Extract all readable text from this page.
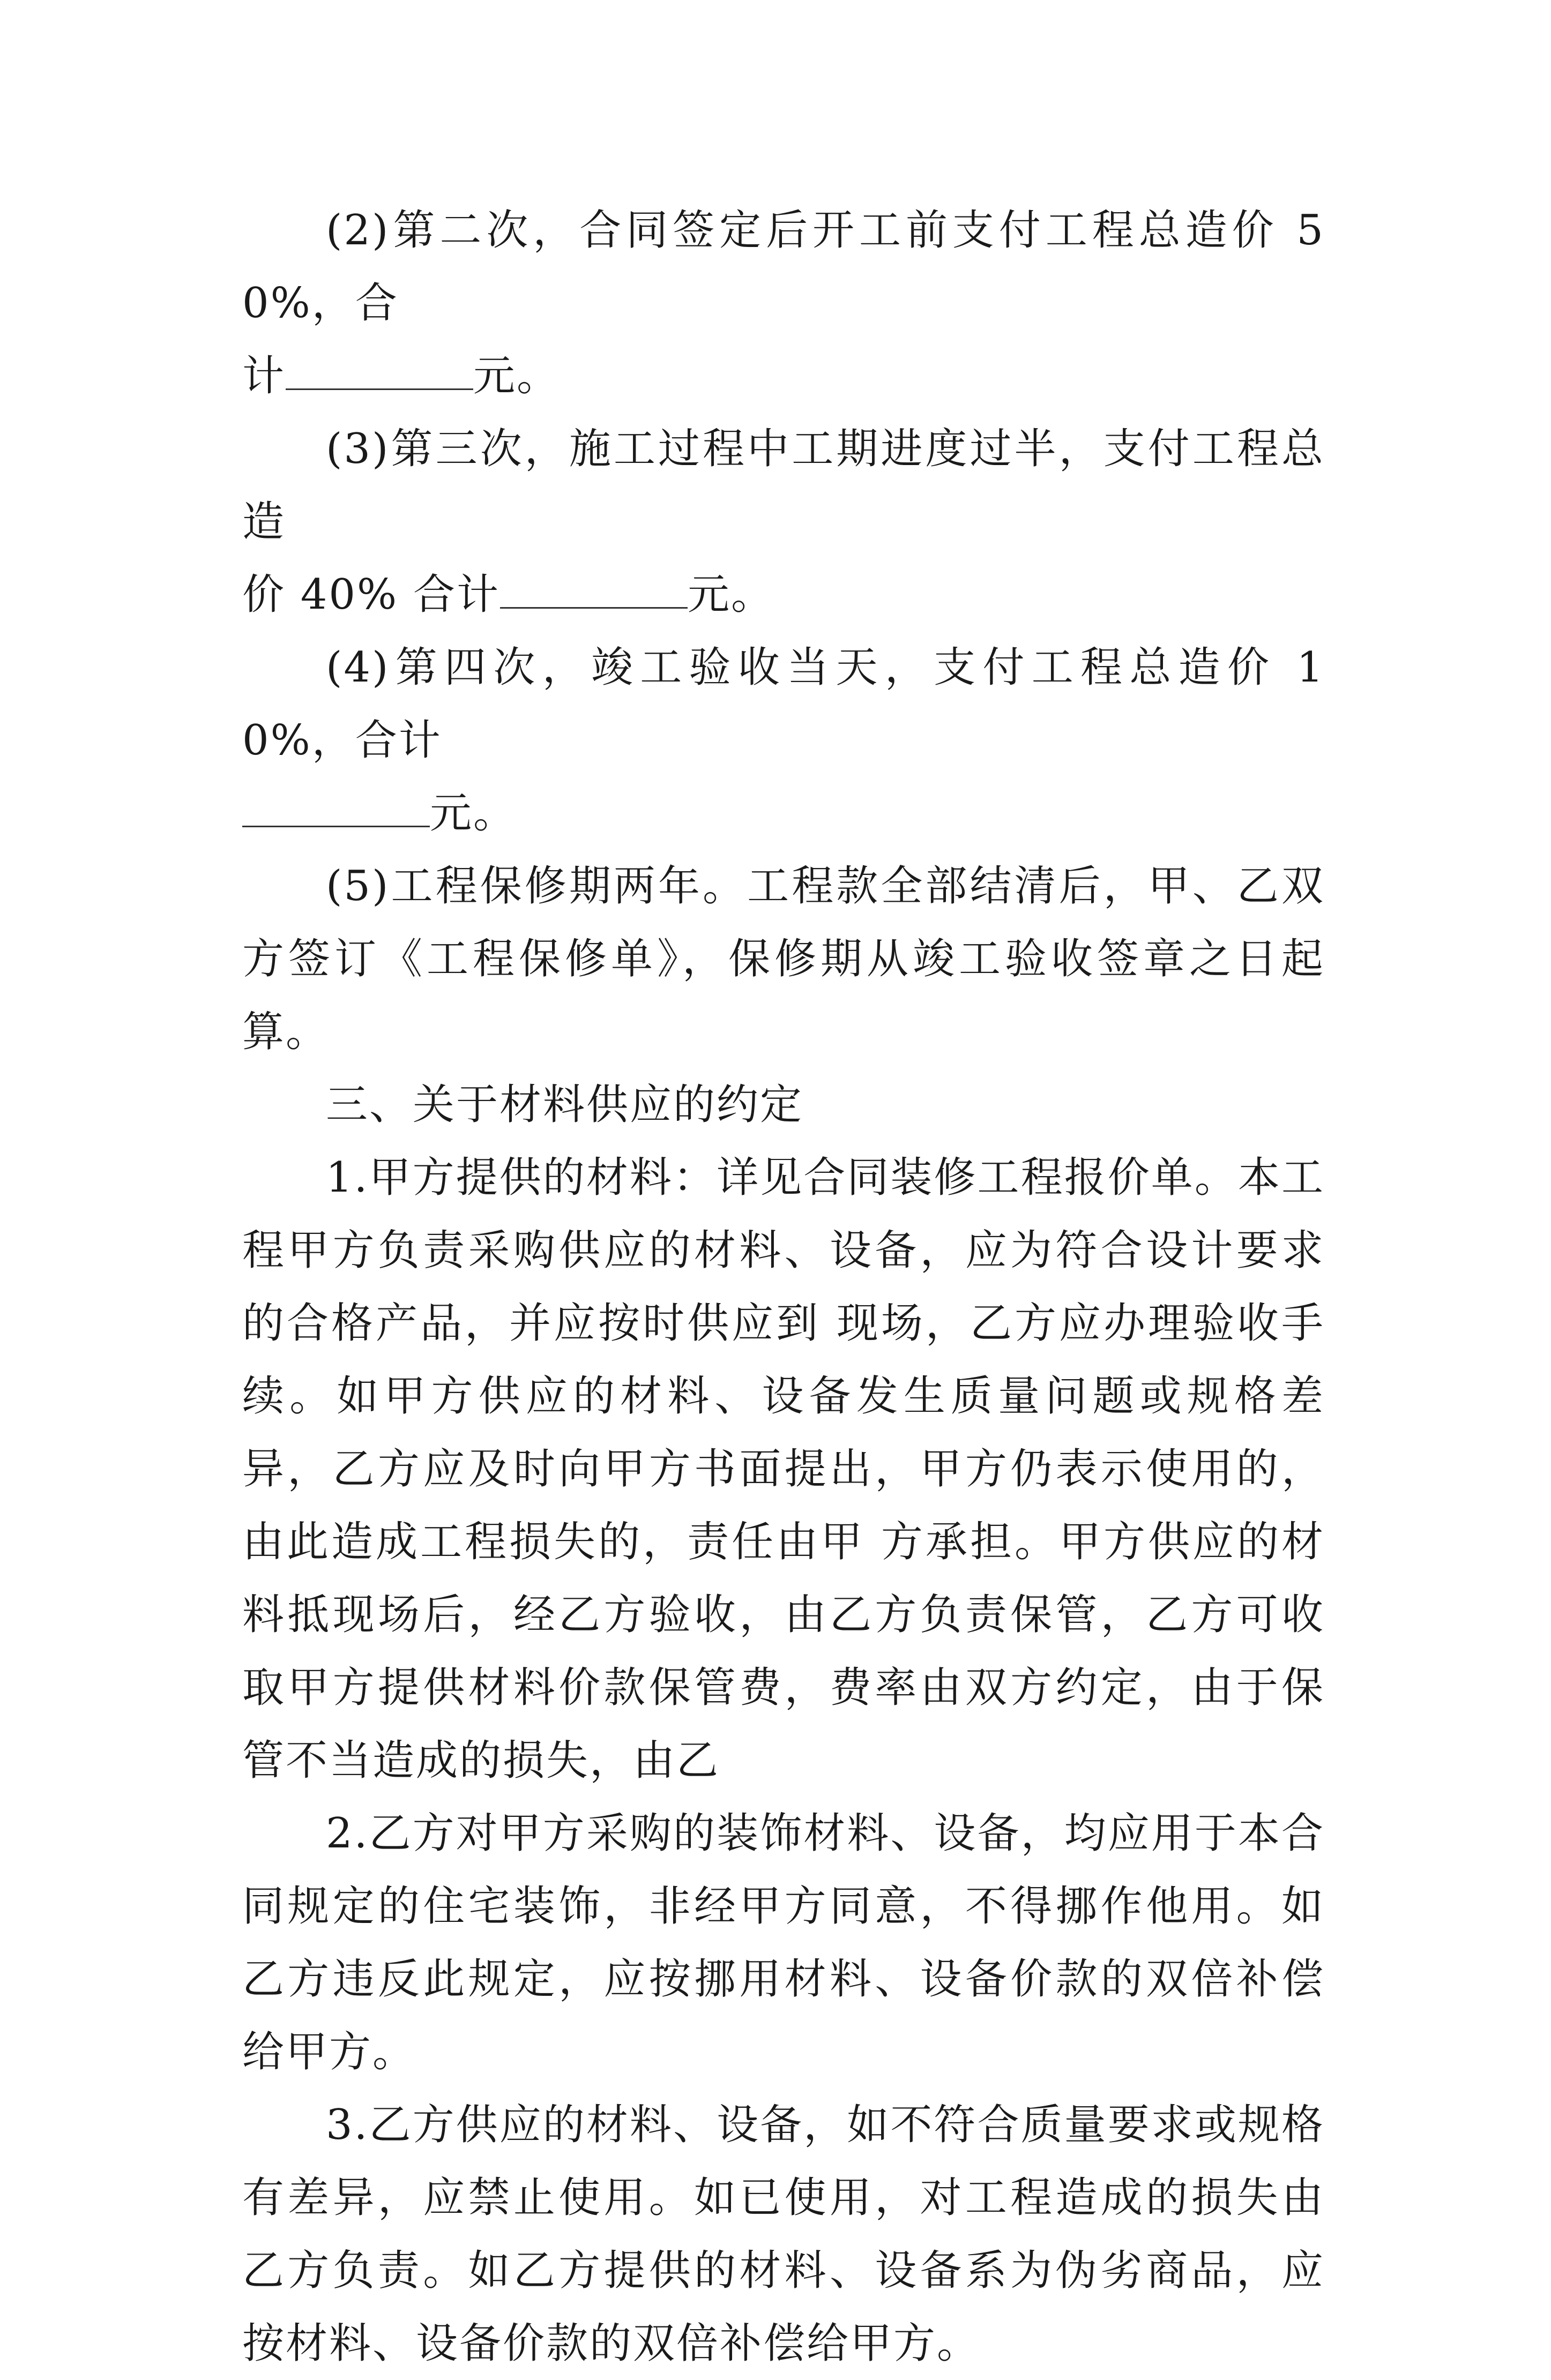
(2)第二次，合同签定后开工前支付工程总造价 50%，合
计	元。

(3)第三次，施工过程中工期进度过半，支付工程总造
价 40% 合计	元。

(4)第四次，竣工验收当天，支付工程总造价 10%，合计
元。

(5)工程保修期两年。工程款全部结清后，甲、乙双方签订《工程保修单》，保修期从竣工验收签章之日起算。

三、关于材料供应的约定

1.甲方提供的材料：详见合同装修工程报价单。本工程甲方负责采购供应的材料、设备，应为符合设计要求的合格产品，并应按时供应到 现场，乙方应办理验收手续。如甲方供应的材料、设备发生质量问题或规格差异，乙方应及时向甲方书面提出，甲方仍表示使用的，由此造成工程损失的，责任由甲 方承担。甲方供应的材料抵现场后，经乙方验收，由乙方负责保管，乙方可收取甲方提供材料价款保管费，费率由双方约定，由于保管不当造成的损失，由乙

2.乙方对甲方采购的装饰材料、设备，均应用于本合同规定的住宅装饰，非经甲方同意，不得挪作他用。如乙方违反此规定，应按挪用材料、设备价款的双倍补偿给甲方。

3.乙方供应的材料、设备，如不符合质量要求或规格有差异，应禁止使用。如已使用，对工程造成的损失由乙方负责。如乙方提供的材料、设备系为伪劣商品，应按材料、设备价款的双倍补偿给甲方。
